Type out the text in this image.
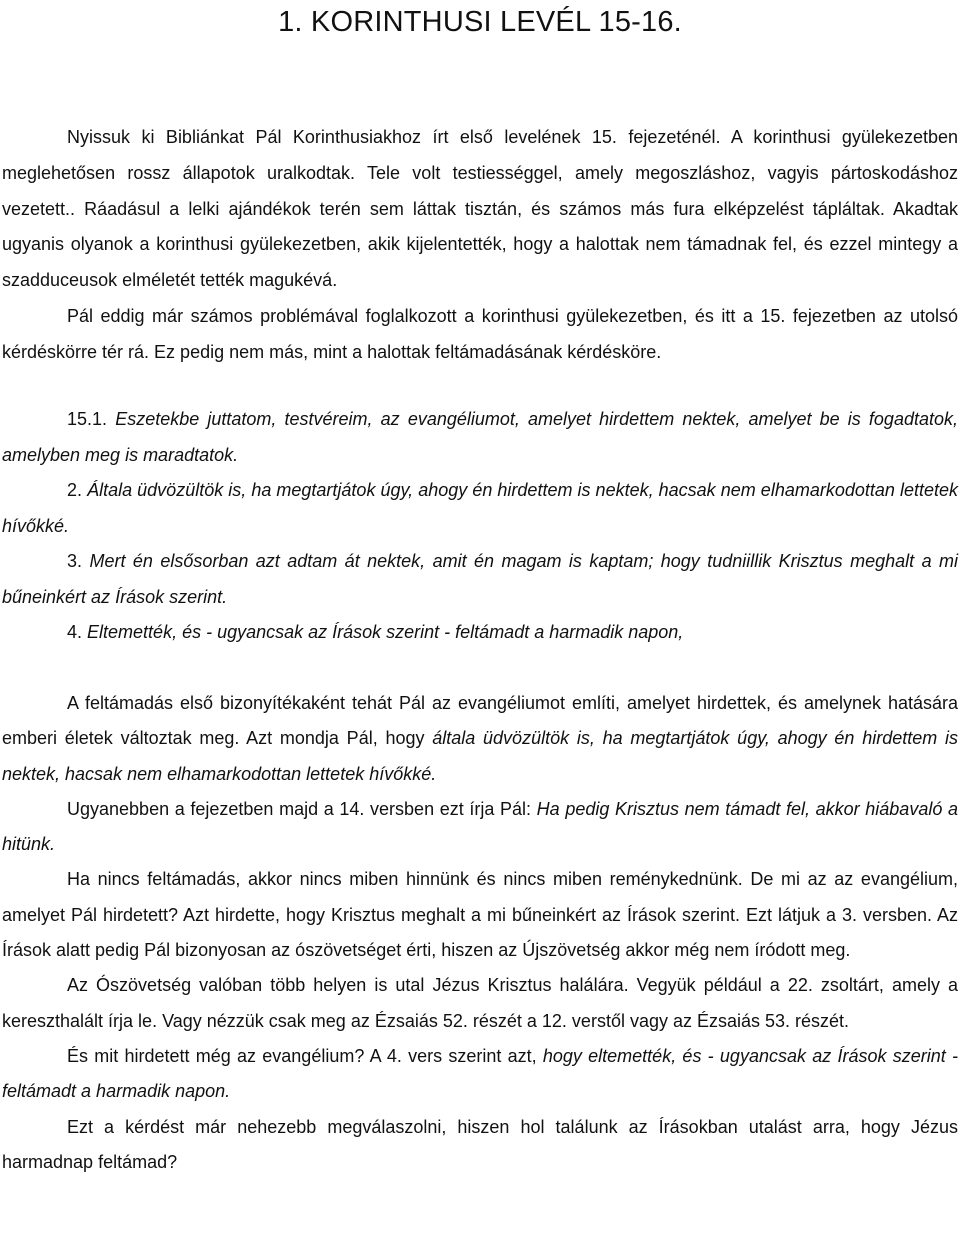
1. KORINTHUSI LEVÉL 15-16.

Nyissuk ki Bibliánkat Pál Korinthusiakhoz írt első levelének 15. fejezeténél. A korinthusi gyülekezetben meglehetősen rossz állapotok uralkodtak. Tele volt testiességgel, amely megoszláshoz, vagyis pártoskodáshoz vezetett.. Ráadásul a lelki ajándékok terén sem láttak tisztán, és számos más fura elképzelést tápláltak. Akadtak ugyanis olyanok a korinthusi gyülekezetben, akik kijelentették, hogy a halottak nem támadnak fel, és ezzel mintegy a szadduceusok elméletét tették magukévá.

Pál eddig már számos problémával foglalkozott a korinthusi gyülekezetben, és itt a 15. fejezetben az utolsó kérdéskörre tér rá. Ez pedig nem más, mint a halottak feltámadásának kérdésköre.

15.1. Eszetekbe juttatom, testvéreim, az evangéliumot, amelyet hirdettem nektek, amelyet be is fogadtatok, amelyben meg is maradtatok.

2. Általa üdvözültök is, ha megtartjátok úgy, ahogy én hirdettem is nektek, hacsak nem elhamarkodottan lettetek hívőkké.

3. Mert én elsősorban azt adtam át nektek, amit én magam is kaptam; hogy tudniillik Krisztus meghalt a mi bűneinkért az Írások szerint.

4. Eltemették, és - ugyancsak az Írások szerint - feltámadt a harmadik napon,

A feltámadás első bizonyítékaként tehát Pál az evangéliumot említi, amelyet hirdettek, és amelynek hatására emberi életek változtak meg. Azt mondja Pál, hogy általa üdvözültök is, ha megtartjátok úgy, ahogy én hirdettem is nektek, hacsak nem elhamarkodottan lettetek hívőkké.

Ugyanebben a fejezetben majd a 14. versben ezt írja Pál: Ha pedig Krisztus nem támadt fel, akkor hiábavaló a hitünk.

Ha nincs feltámadás, akkor nincs miben hinnünk és nincs miben reménykednünk. De mi az az evangélium, amelyet Pál hirdetett? Azt hirdette, hogy Krisztus meghalt a mi bűneinkért az Írások szerint. Ezt látjuk a 3. versben. Az Írások alatt pedig Pál bizonyosan az ószövetséget érti, hiszen az Újszövetség akkor még nem íródott meg.

Az Ószövetség valóban több helyen is utal Jézus Krisztus halálára. Vegyük például a 22. zsoltárt, amely a kereszthalált írja le. Vagy nézzük csak meg az Ézsaiás 52. részét a 12. verstől vagy az Ézsaiás 53. részét.

És mit hirdetett még az evangélium? A 4. vers szerint azt, hogy eltemették, és - ugyancsak az Írások szerint - feltámadt a harmadik napon.

Ezt a kérdést már nehezebb megválaszolni, hiszen hol találunk az Írásokban utalást arra, hogy Jézus harmadnap feltámad?
